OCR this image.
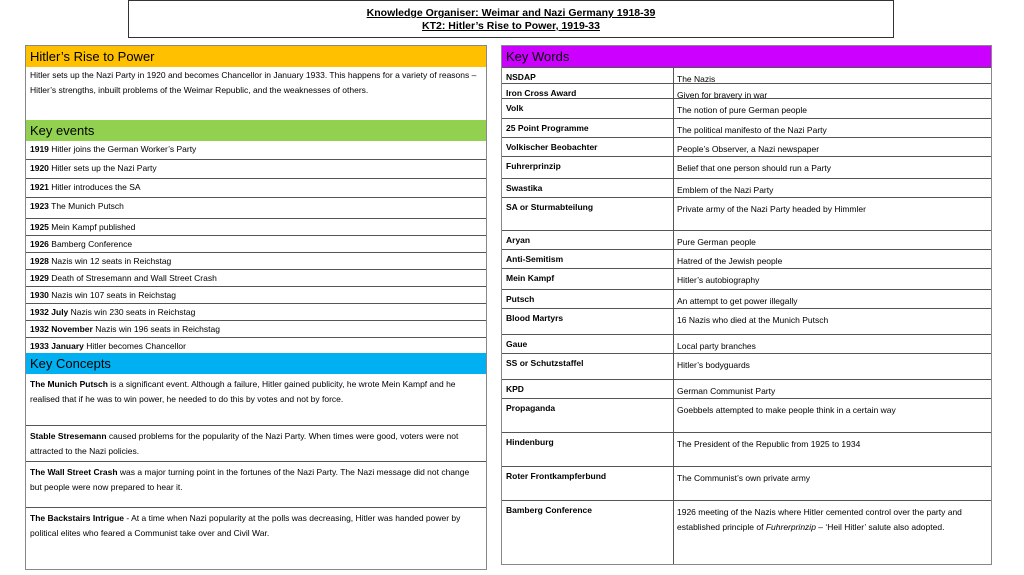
Knowledge Organiser: Weimar and Nazi Germany 1918-39
KT2: Hitler’s Rise to Power, 1919-33
Hitler’s Rise to Power
Hitler sets up the Nazi Party in 1920 and becomes Chancellor in January 1933. This happens for a variety of reasons – Hitler’s strengths, inbuilt problems of the Weimar Republic, and the weaknesses of others.
Key events
1919 Hitler joins the German Worker’s Party
1920 Hitler sets up the Nazi Party
1921 Hitler introduces the SA
1923 The Munich Putsch
1925 Mein Kampf published
1926 Bamberg Conference
1928 Nazis win 12 seats in Reichstag
1929 Death of Stresemann and Wall Street Crash
1930 Nazis win 107 seats in Reichstag
1932 July Nazis win 230 seats in Reichstag
1932 November Nazis win 196 seats in Reichstag
1933 January Hitler becomes Chancellor
Key Concepts
The Munich Putsch is a significant event. Although a failure, Hitler gained publicity, he wrote Mein Kampf and he realised that if he was to win power, he needed to do this by votes and not by force.
Stable Stresemann caused problems for the popularity of the Nazi Party. When times were good, voters were not attracted to the Nazi policies.
The Wall Street Crash was a major turning point in the fortunes of the Nazi Party. The Nazi message did not change but people were now prepared to hear it.
The Backstairs Intrigue - At a time when Nazi popularity at the polls was decreasing, Hitler was handed power by political elites who feared a Communist take over and Civil War.
Key Words
NSDAP	The Nazis
Iron Cross Award	Given for bravery in war
Volk	The notion of pure German people
25 Point Programme	The political manifesto of the Nazi Party
Volkischer Beobachter	People’s Observer, a Nazi newspaper
Fuhrerprinzip	Belief that one person should run a Party
Swastika	Emblem of the Nazi Party
SA or Sturmabteilung	Private army of the Nazi Party headed by Himmler
Aryan	Pure German people
Anti-Semitism	Hatred of the Jewish people
Mein Kampf	Hitler’s autobiography
Putsch	An attempt to get power illegally
Blood Martyrs	16 Nazis who died at the Munich Putsch
Gaue	Local party branches
SS or Schutzstaffel	Hitler’s bodyguards
KPD	German Communist Party
Propaganda	Goebbels attempted to make people think in a certain way
Hindenburg	The President of the Republic from 1925 to 1934
Roter Frontkampferbund	The Communist’s own private army
Bamberg Conference	1926 meeting of the Nazis where Hitler cemented control over the party and established principle of Fuhrerprinzip – ‘Heil Hitler’ salute also adopted.
